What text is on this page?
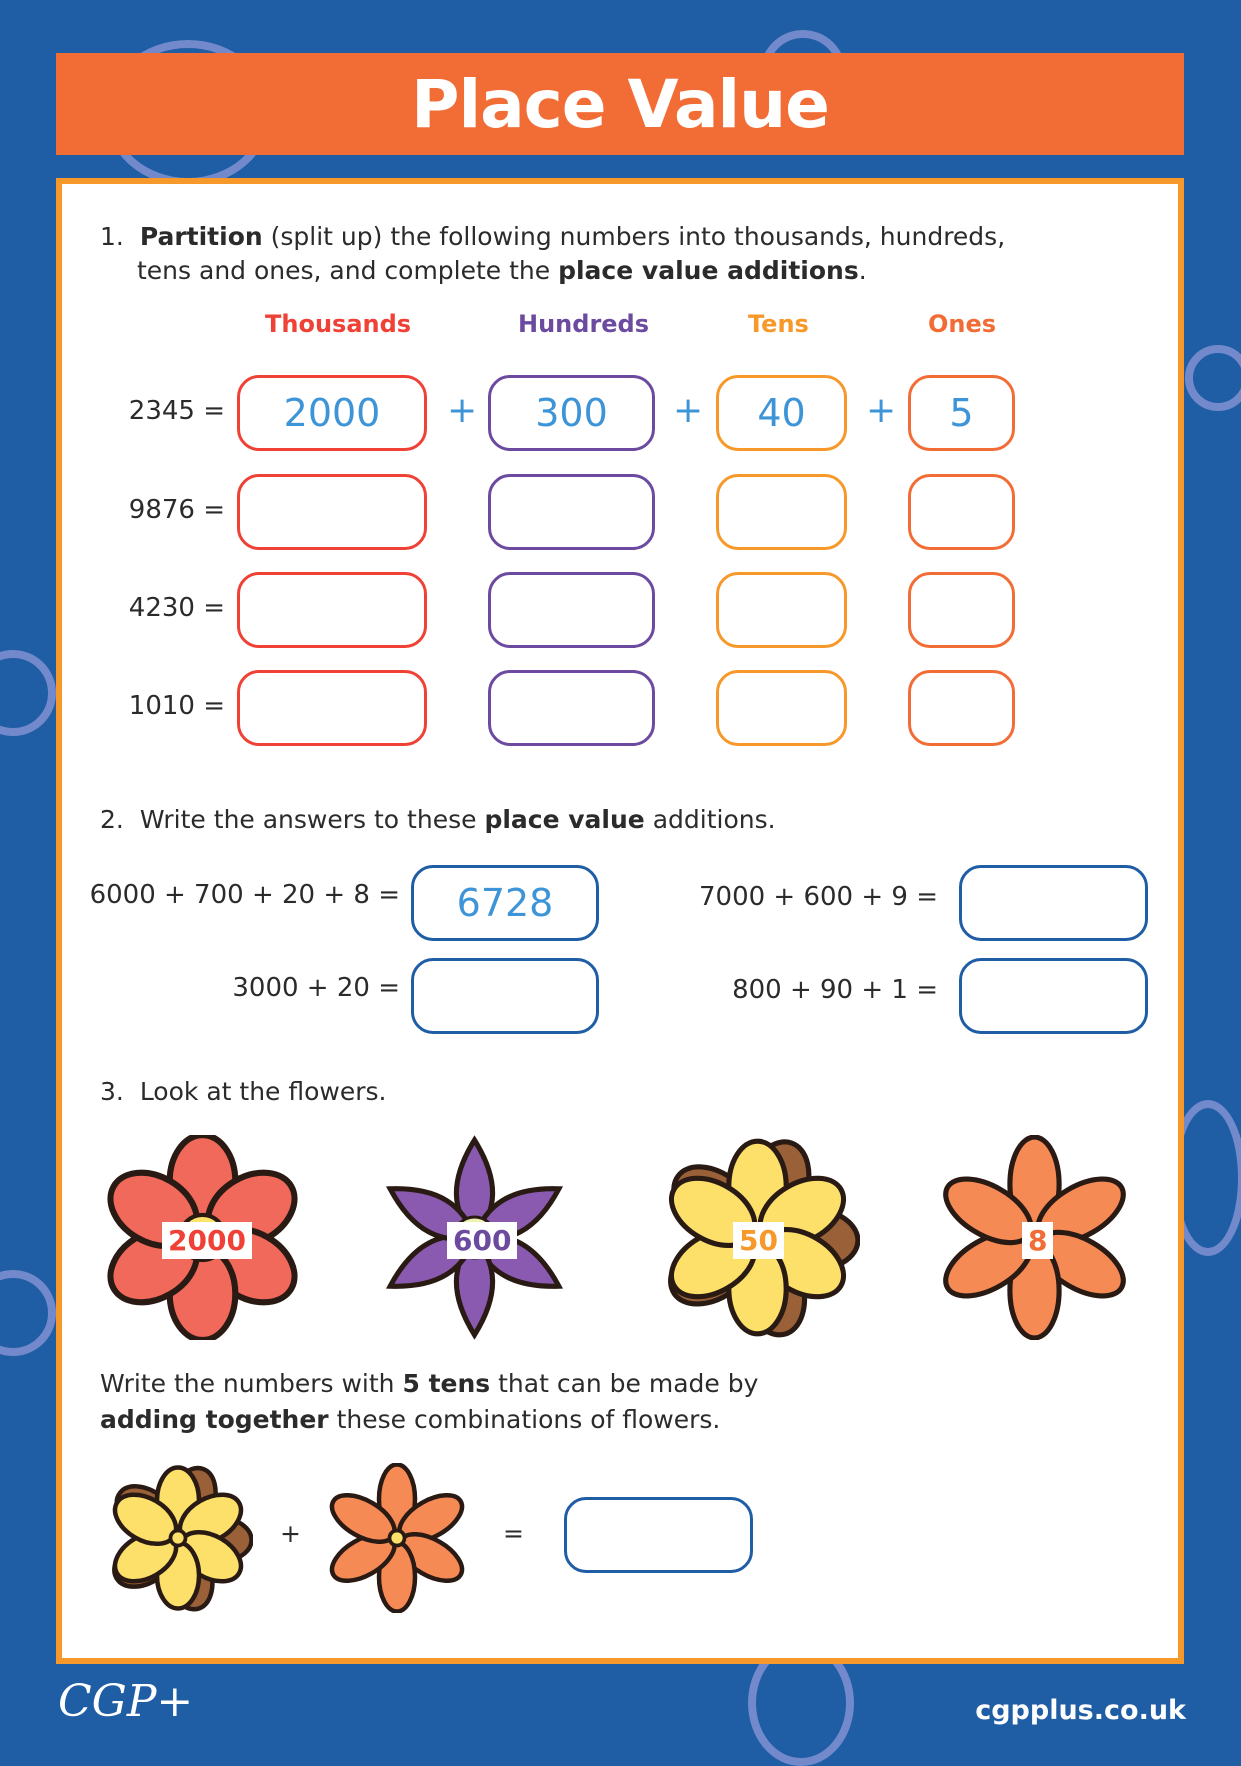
Place Value
1. Partition (split up) the following numbers into thousands, hundreds,
tens and ones, and complete the place value additions.
Thousands	Hundreds	Tens	Ones
2345 =	2000	+	300	+	40	+	5
9876 =
4230 =
1010 =
2. Write the answers to these place value additions.
6000 + 700 + 20 + 8 =	6728	7000 + 600 + 9 =
3000 + 20 =	800 + 90 + 1 =
3. Look at the flowers.
2000	600	50	8
Write the numbers with 5 tens that can be made by
adding together these combinations of flowers.
+	=
CGP+	cgpplus.co.uk
